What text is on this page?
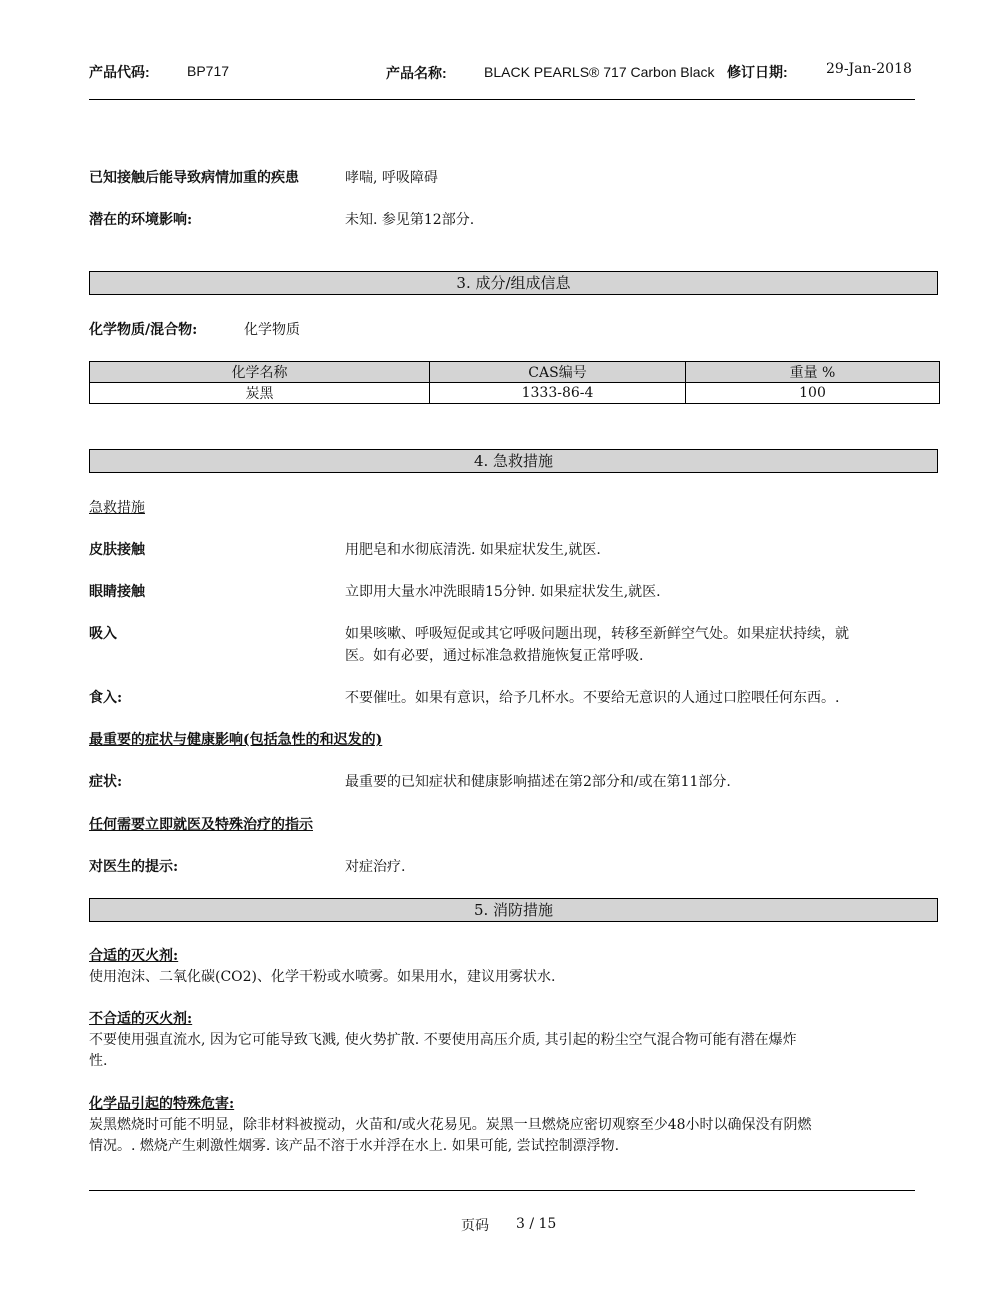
产品代码:	BP717	产品名称:	BLACK PEARLS® 717 Carbon Black 修订日期:	29-Jan-2018
已知接触后能导致病情加重的疾患	哮喘, 呼吸障碍
潜在的环境影响:	未知. 参见第12部分.
3. 成分/组成信息
化学物质/混合物:	化学物质
化学名称	CAS编号	重量 %
炭黑	1333-86-4	100
4. 急救措施
急救措施
皮肤接触	用肥皂和水彻底清洗. 如果症状发生,就医.
眼睛接触	立即用大量水冲洗眼睛15分钟. 如果症状发生,就医.
吸入	如果咳嗽、呼吸短促或其它呼吸问题出现，转移至新鲜空气处。如果症状持续，就
医。如有必要，通过标准急救措施恢复正常呼吸.
食入:	不要催吐。如果有意识，给予几杯水。不要给无意识的人通过口腔喂任何东西。.
最重要的症状与健康影响(包括急性的和迟发的)
症状:	最重要的已知症状和健康影响描述在第2部分和/或在第11部分.
任何需要立即就医及特殊治疗的指示
对医生的提示:	对症治疗.
5. 消防措施
合适的灭火剂:
使用泡沫、二氧化碳(CO2)、化学干粉或水喷雾。如果用水，建议用雾状水.
不合适的灭火剂:
不要使用强直流水, 因为它可能导致飞溅, 使火势扩散. 不要使用高压介质, 其引起的粉尘空气混合物可能有潜在爆炸
性.
化学品引起的特殊危害:
炭黑燃烧时可能不明显，除非材料被搅动，火苗和/或火花易见。炭黑一旦燃烧应密切观察至少48小时以确保没有阴燃
情况。. 燃烧产生刺激性烟雾. 该产品不溶于水并浮在水上. 如果可能, 尝试控制漂浮物.
页码 3 / 15
